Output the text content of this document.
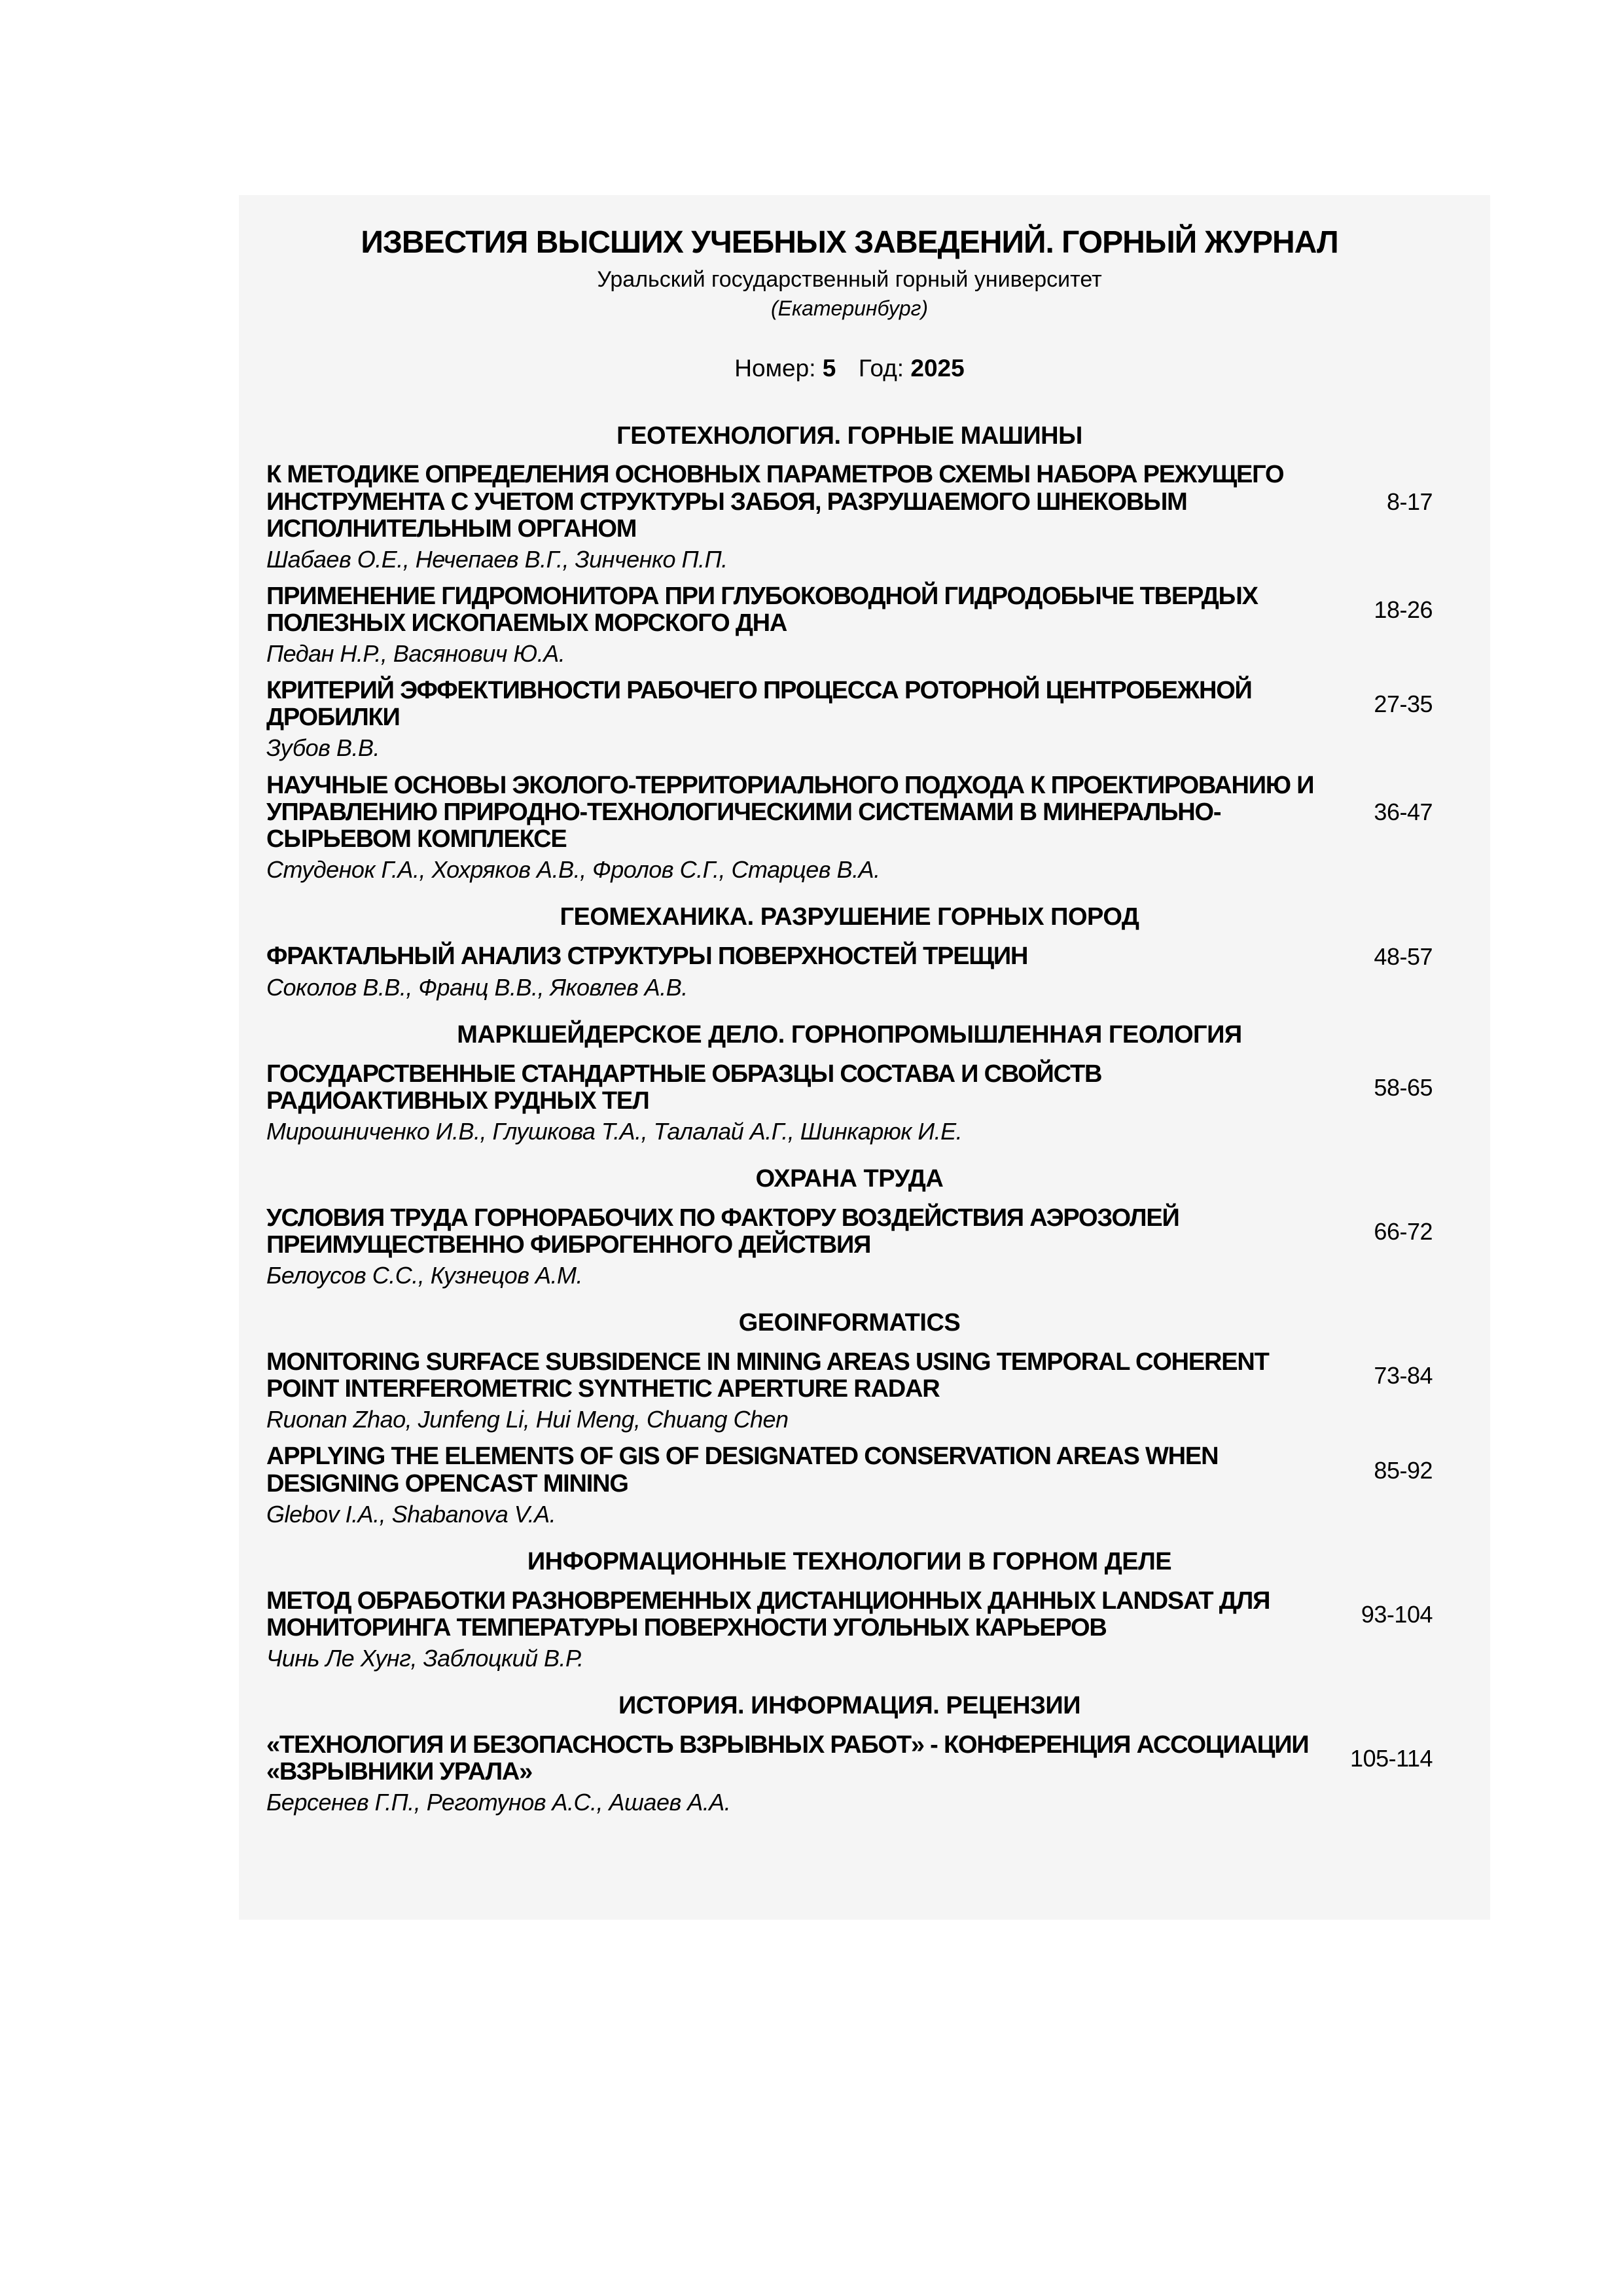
ИЗВЕСТИЯ ВЫСШИХ УЧЕБНЫХ ЗАВЕДЕНИЙ. ГОРНЫЙ ЖУРНАЛ
Уральский государственный горный университет
(Екатеринбург)
Номер: 5 Год: 2025
ГЕОТЕХНОЛОГИЯ. ГОРНЫЕ МАШИНЫ
К МЕТОДИКЕ ОПРЕДЕЛЕНИЯ ОСНОВНЫХ ПАРАМЕТРОВ СХЕМЫ НАБОРА РЕЖУЩЕГО ИНСТРУМЕНТА С УЧЕТОМ СТРУКТУРЫ ЗАБОЯ, РАЗРУШАЕМОГО ШНЕКОВЫМ ИСПОЛНИТЕЛЬНЫМ ОРГАНОМ
8-17
Шабаев О.Е., Нечепаев В.Г., Зинченко П.П.
ПРИМЕНЕНИЕ ГИДРОМОНИТОРА ПРИ ГЛУБОКОВОДНОЙ ГИДРОДОБЫЧЕ ТВЕРДЫХ ПОЛЕЗНЫХ ИСКОПАЕМЫХ МОРСКОГО ДНА	18-26
Педан Н.Р., Васянович Ю.А.
КРИТЕРИЙ ЭФФЕКТИВНОСТИ РАБОЧЕГО ПРОЦЕССА РОТОРНОЙ ЦЕНТРОБЕЖНОЙ ДРОБИЛКИ	27-35
Зубов В.В.
НАУЧНЫЕ ОСНОВЫ ЭКОЛОГО-ТЕРРИТОРИАЛЬНОГО ПОДХОДА К ПРОЕКТИРОВАНИЮ И УПРАВЛЕНИЮ ПРИРОДНО-ТЕХНОЛОГИЧЕСКИМИ СИСТЕМАМИ В МИНЕРАЛЬНО-СЫРЬЕВОМ КОМПЛЕКСЕ
36-47
Студенок Г.А., Хохряков А.В., Фролов С.Г., Старцев В.А.
ГЕОМЕХАНИКА. РАЗРУШЕНИЕ ГОРНЫХ ПОРОД
ФРАКТАЛЬНЫЙ АНАЛИЗ СТРУКТУРЫ ПОВЕРХНОСТЕЙ ТРЕЩИН	48-57
Соколов В.В., Франц В.В., Яковлев А.В.
МАРКШЕЙДЕРСКОЕ ДЕЛО. ГОРНОПРОМЫШЛЕННАЯ ГЕОЛОГИЯ
ГОСУДАРСТВЕННЫЕ СТАНДАРТНЫЕ ОБРАЗЦЫ СОСТАВА И СВОЙСТВ РАДИОАКТИВНЫХ РУДНЫХ ТЕЛ	58-65
Мирошниченко И.В., Глушкова Т.А., Талалай А.Г., Шинкарюк И.Е.
ОХРАНА ТРУДА
УСЛОВИЯ ТРУДА ГОРНОРАБОЧИХ ПО ФАКТОРУ ВОЗДЕЙСТВИЯ АЭРОЗОЛЕЙ ПРЕИМУЩЕСТВЕННО ФИБРОГЕННОГО ДЕЙСТВИЯ	66-72
Белоусов С.С., Кузнецов А.М.
GEOINFORMATICS
MONITORING SURFACE SUBSIDENCE IN MINING AREAS USING TEMPORAL COHERENT POINT INTERFEROMETRIC SYNTHETIC APERTURE RADAR	73-84
Ruonan Zhao, Junfeng Li, Hui Meng, Chuang Chen
APPLYING THE ELEMENTS OF GIS OF DESIGNATED CONSERVATION AREAS WHEN DESIGNING OPENCAST MINING	85-92
Glebov I.A., Shabanova V.A.
ИНФОРМАЦИОННЫЕ ТЕХНОЛОГИИ В ГОРНОМ ДЕЛЕ
МЕТОД ОБРАБОТКИ РАЗНОВРЕМЕННЫХ ДИСТАНЦИОННЫХ ДАННЫХ LANDSAT ДЛЯ МОНИТОРИНГА ТЕМПЕРАТУРЫ ПОВЕРХНОСТИ УГОЛЬНЫХ КАРЬЕРОВ	93-104
Чинь Ле Хунг, Заблоцкий В.Р.
ИСТОРИЯ. ИНФОРМАЦИЯ. РЕЦЕНЗИИ
«ТЕХНОЛОГИЯ И БЕЗОПАСНОСТЬ ВЗРЫВНЫХ РАБОТ» - КОНФЕРЕНЦИЯ АССОЦИАЦИИ «ВЗРЫВНИКИ УРАЛА»	105-114
Берсенев Г.П., Реготунов А.С., Ашаев А.А.
